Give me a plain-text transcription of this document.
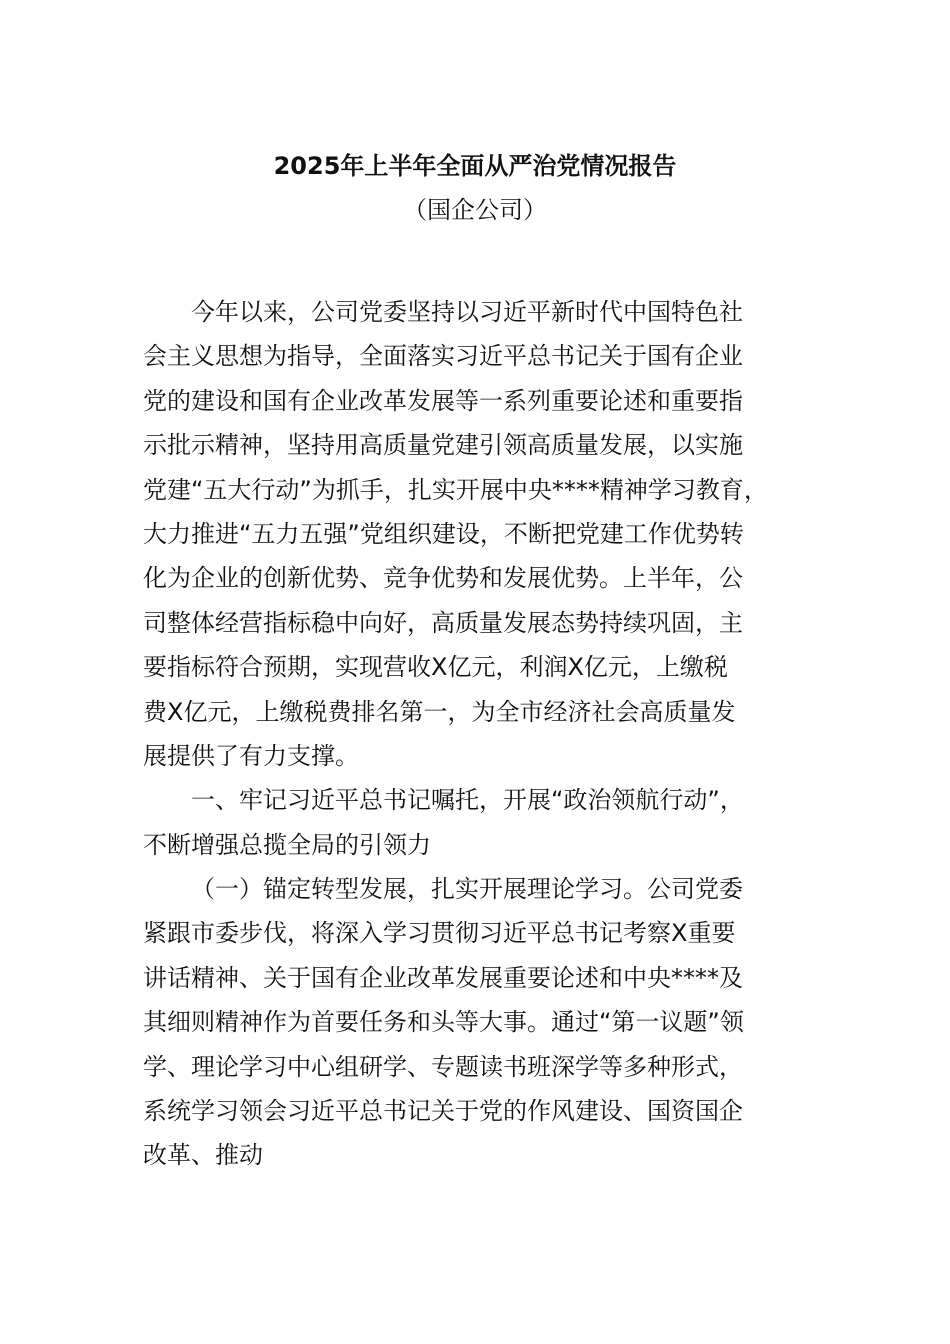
2025年上半年全面从严治党情况报告
（国企公司）
今年以来，公司党委坚持以习近平新时代中国特色社
会主义思想为指导，全面落实习近平总书记关于国有企业
党的建设和国有企业改革发展等一系列重要论述和重要指
示批示精神，坚持用高质量党建引领高质量发展，以实施
党建“五大行动”为抓手，扎实开展中央****精神学习教育，
大力推进“五力五强”党组织建设，不断把党建工作优势转
化为企业的创新优势、竞争优势和发展优势。上半年，公
司整体经营指标稳中向好，高质量发展态势持续巩固，主
要指标符合预期，实现营收X亿元，利润X亿元，上缴税
费X亿元，上缴税费排名第一，为全市经济社会高质量发
展提供了有力支撑。
一、牢记习近平总书记嘱托，开展“政治领航行动”，
不断增强总揽全局的引领力
（一）锚定转型发展，扎实开展理论学习。公司党委
紧跟市委步伐，将深入学习贯彻习近平总书记考察X重要
讲话精神、关于国有企业改革发展重要论述和中央****及
其细则精神作为首要任务和头等大事。通过“第一议题”领
学、理论学习中心组研学、专题读书班深学等多种形式，
系统学习领会习近平总书记关于党的作风建设、国资国企
改革、推动
